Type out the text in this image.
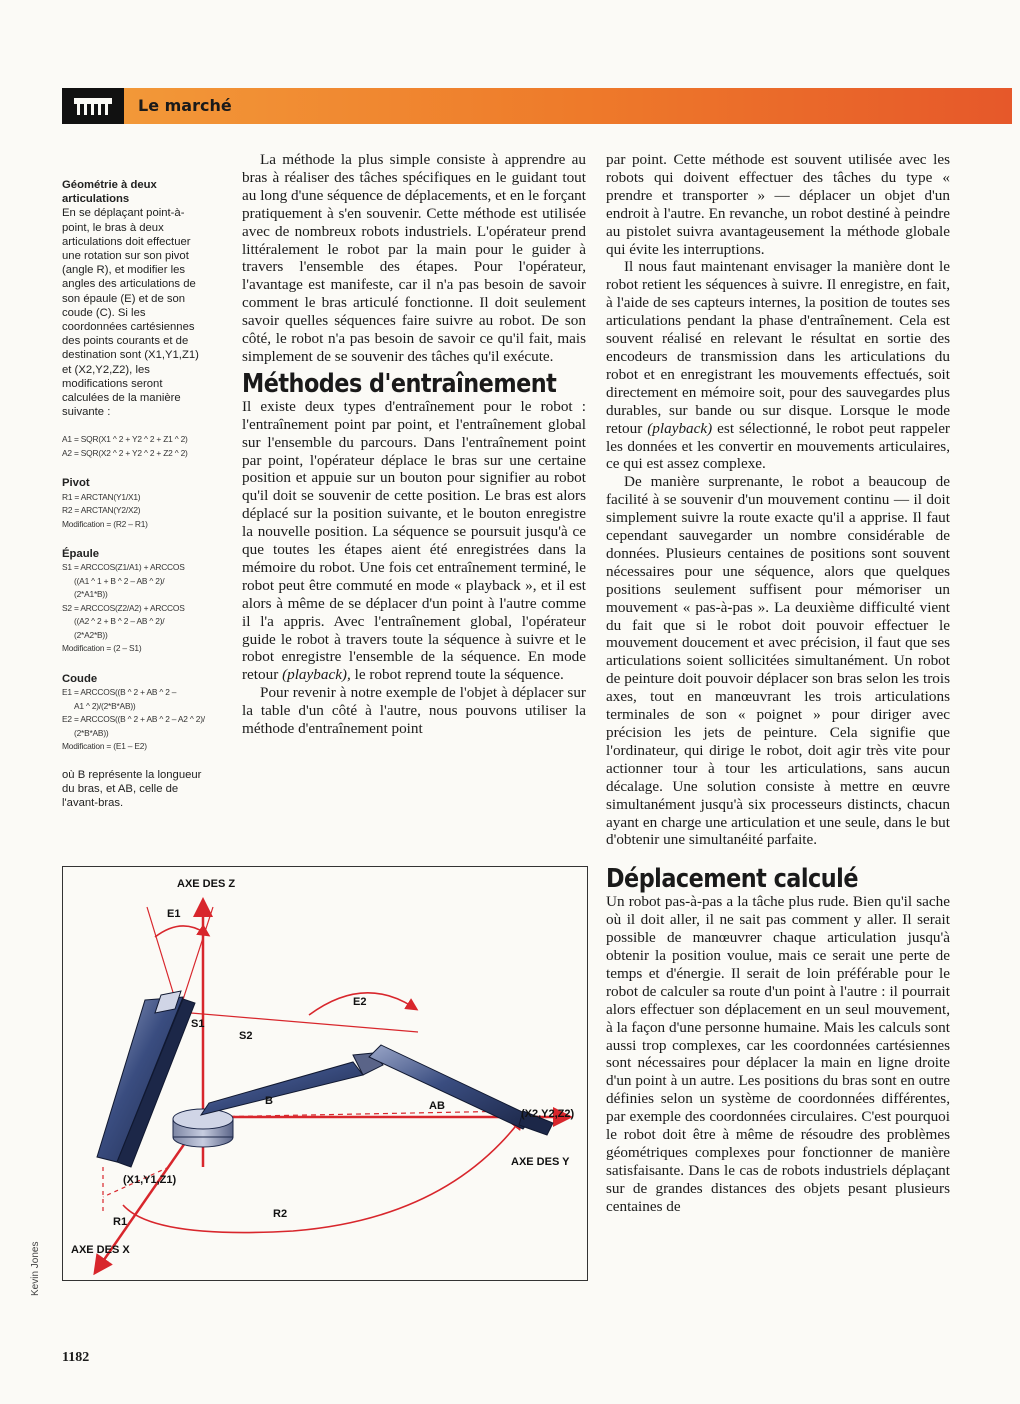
Le marché
Géométrie à deux articulations
En se déplaçant point-à-point, le bras à deux articulations doit effectuer une rotation sur son pivot (angle R), et modifier les angles des articulations de son épaule (E) et de son coude (C). Si les coordonnées cartésiennes des points courants et de destination sont (X1,Y1,Z1) et (X2,Y2,Z2), les modifications seront calculées de la manière suivante :
A1 = SQR(X1 ^ 2 + Y2 ^ 2 + Z1 ^ 2)
A2 = SQR(X2 ^ 2 + Y2 ^ 2 + Z2 ^ 2)
Pivot
R1 = ARCTAN(Y1/X1)
R2 = ARCTAN(Y2/X2)
Modification = (R2 – R1)
Épaule
S1 = ARCCOS(Z1/A1) + ARCCOS
((A1 ^ 1 + B ^ 2 – AB ^ 2)/
(2*A1*B))
S2 = ARCCOS(Z2/A2) + ARCCOS
((A2 ^ 2 + B ^ 2 – AB ^ 2)/
(2*A2*B))
Modification = (2 – S1)
Coude
E1 = ARCCOS((B ^ 2 + AB ^ 2 –
A1 ^ 2)/(2*B*AB))
E2 = ARCCOS((B ^ 2 + AB ^ 2 – A2 ^ 2)/
(2*B*AB))
Modification = (E1 – E2)
où B représente la longueur du bras, et AB, celle de l'avant-bras.

La méthode la plus simple consiste à apprendre au bras à réaliser des tâches spécifiques en le guidant tout au long d'une séquence de déplacements, et en le forçant pratiquement à s'en souvenir. Cette méthode est utilisée avec de nombreux robots industriels. L'opérateur prend littéralement le robot par la main pour le guider à travers l'ensemble des étapes. Pour l'opérateur, l'avantage est manifeste, car il n'a pas besoin de savoir comment le bras articulé fonctionne. Il doit seulement savoir quelles séquences faire suivre au robot. De son côté, le robot n'a pas besoin de savoir ce qu'il fait, mais simplement de se souvenir des tâches qu'il exécute.

Méthodes d'entraînement

Il existe deux types d'entraînement pour le robot : l'entraînement point par point, et l'entraînement global sur l'ensemble du parcours. Dans l'entraînement point par point, l'opérateur déplace le bras sur une certaine position et appuie sur un bouton pour signifier au robot qu'il doit se souvenir de cette position. Le bras est alors déplacé sur la position suivante, et le bouton enregistre la nouvelle position. La séquence se poursuit jusqu'à ce que toutes les étapes aient été enregistrées dans la mémoire du robot. Une fois cet entraînement terminé, le robot peut être commuté en mode « playback », et il est alors à même de se déplacer d'un point à l'autre comme il l'a appris. Avec l'entraînement global, l'opérateur guide le robot à travers toute la séquence à suivre et le robot enregistre l'ensemble de la séquence. En mode retour (playback), le robot reprend toute la séquence.

Pour revenir à notre exemple de l'objet à déplacer sur la table d'un côté à l'autre, nous pouvons utiliser la méthode d'entraînement point

par point. Cette méthode est souvent utilisée avec les robots qui doivent effectuer des tâches du type « prendre et transporter » — déplacer un objet d'un endroit à l'autre. En revanche, un robot destiné à peindre au pistolet suivra avantageusement la méthode globale qui évite les interruptions.

Il nous faut maintenant envisager la manière dont le robot retient les séquences à suivre. Il enregistre, en fait, à l'aide de ses capteurs internes, la position de toutes ses articulations pendant la phase d'entraînement. Cela est souvent réalisé en relevant le résultat en sortie des encodeurs de transmission dans les articulations du robot et en enregistrant les mouvements effectués, soit directement en mémoire soit, pour des sauvegardes plus durables, sur bande ou sur disque. Lorsque le mode retour (playback) est sélectionné, le robot peut rappeler les données et les convertir en mouvements articulaires, ce qui est assez complexe.

De manière surprenante, le robot a beaucoup de facilité à se souvenir d'un mouvement continu — il doit simplement suivre la route exacte qu'il a apprise. Il faut cependant sauvegarder un nombre considérable de données. Plusieurs centaines de positions sont souvent nécessaires pour une séquence, alors que quelques positions seulement suffisent pour mémoriser un mouvement « pas-à-pas ». La deuxième difficulté vient du fait que si le robot doit pouvoir effectuer le mouvement doucement et avec précision, il faut que ses articulations soient sollicitées simultanément. Un robot de peinture doit pouvoir déplacer son bras selon les trois axes, tout en manœuvrant les trois articulations terminales de son « poignet » pour diriger avec précision les jets de peinture. Cela signifie que l'ordinateur, qui dirige le robot, doit agir très vite pour actionner tour à tour les articulations, sans aucun décalage. Une solution consiste à mettre en œuvre simultanément jusqu'à six processeurs distincts, chacun ayant en charge une articulation et une seule, dans le but d'obtenir une simultanéité parfaite.

Déplacement calculé

Un robot pas-à-pas a la tâche plus rude. Bien qu'il sache où il doit aller, il ne sait pas comment y aller. Il serait possible de manœuvrer chaque articulation jusqu'à obtenir la position voulue, mais ce serait une perte de temps et d'énergie. Il serait de loin préférable pour le robot de calculer sa route d'un point à l'autre : il pourrait alors effectuer son déplacement en un seul mouvement, à la façon d'une personne humaine. Mais les calculs sont aussi trop complexes, car les coordonnées cartésiennes sont nécessaires pour déplacer la main en ligne droite d'un point à un autre. Les positions du bras sont en outre définies selon un système de coordonnées différentes, par exemple des coordonnées circulaires. C'est pourquoi le robot doit être à même de résoudre des problèmes géométriques complexes pour fonctionner de manière satisfaisante. Dans le cas de robots industriels déplaçant sur de grandes distances des objets pesant plusieurs centaines de

AXE DES Z
AXE DES Y
AXE DES X
E1
E2
S1
S2
B	AB
R1
R2
(X1,Y1,Z1)
(X2,Y2,Z2)
Kevin Jones
1182
